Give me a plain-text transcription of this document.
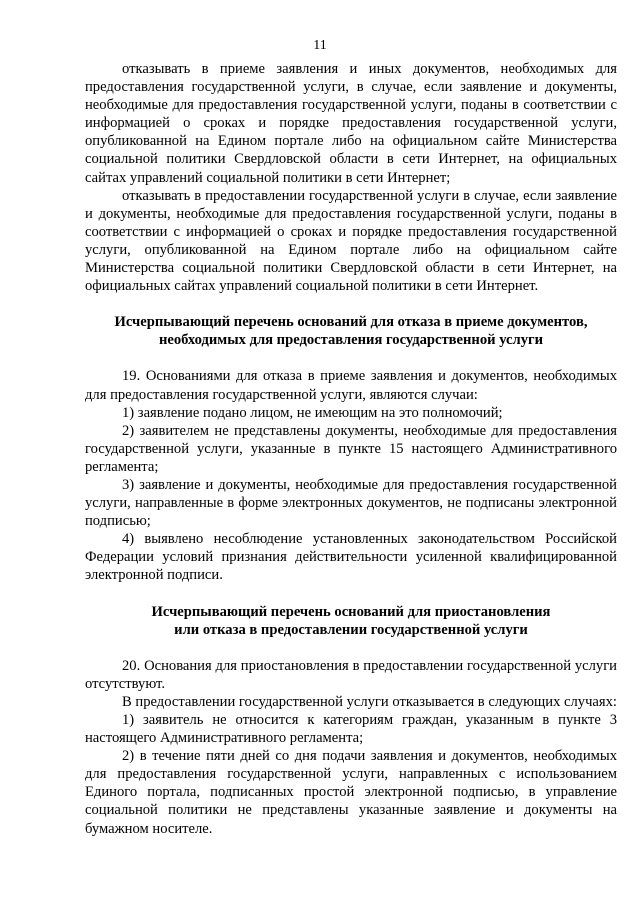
11

отказывать в приеме заявления и иных документов, необходимых для предоставления государственной услуги, в случае, если заявление и документы, необходимые для предоставления государственной услуги, поданы в соответствии с информацией о сроках и порядке предоставления государственной услуги, опубликованной на Едином портале либо на официальном сайте Министерства социальной политики Свердловской области в сети Интернет, на официальных сайтах управлений социальной политики в сети Интернет;

отказывать в предоставлении государственной услуги в случае, если заявление и документы, необходимые для предоставления государственной услуги, поданы в соответствии с информацией о сроках и порядке предоставления государственной услуги, опубликованной на Едином портале либо на официальном сайте Министерства социальной политики Свердловской области в сети Интернет, на официальных сайтах управлений социальной политики в сети Интернет.

Исчерпывающий перечень оснований для отказа в приеме документов,
необходимых для предоставления государственной услуги

19. Основаниями для отказа в приеме заявления и документов, необходимых для предоставления государственной услуги, являются случаи:

1) заявление подано лицом, не имеющим на это полномочий;

2) заявителем не представлены документы, необходимые для предоставления государственной услуги, указанные в пункте 15 настоящего Административного регламента;

3) заявление и документы, необходимые для предоставления государственной услуги, направленные в форме электронных документов, не подписаны электронной подписью;

4) выявлено несоблюдение установленных законодательством Российской Федерации условий признания действительности усиленной квалифицированной электронной подписи.

Исчерпывающий перечень оснований для приостановления
или отказа в предоставлении государственной услуги

20. Основания для приостановления в предоставлении государственной услуги отсутствуют.

В предоставлении государственной услуги отказывается в следующих случаях:

1) заявитель не относится к категориям граждан, указанным в пункте 3 настоящего Административного регламента;

2) в течение пяти дней со дня подачи заявления и документов, необходимых для предоставления государственной услуги, направленных с использованием Единого портала, подписанных простой электронной подписью, в управление социальной политики не представлены указанные заявление и документы на бумажном носителе.
